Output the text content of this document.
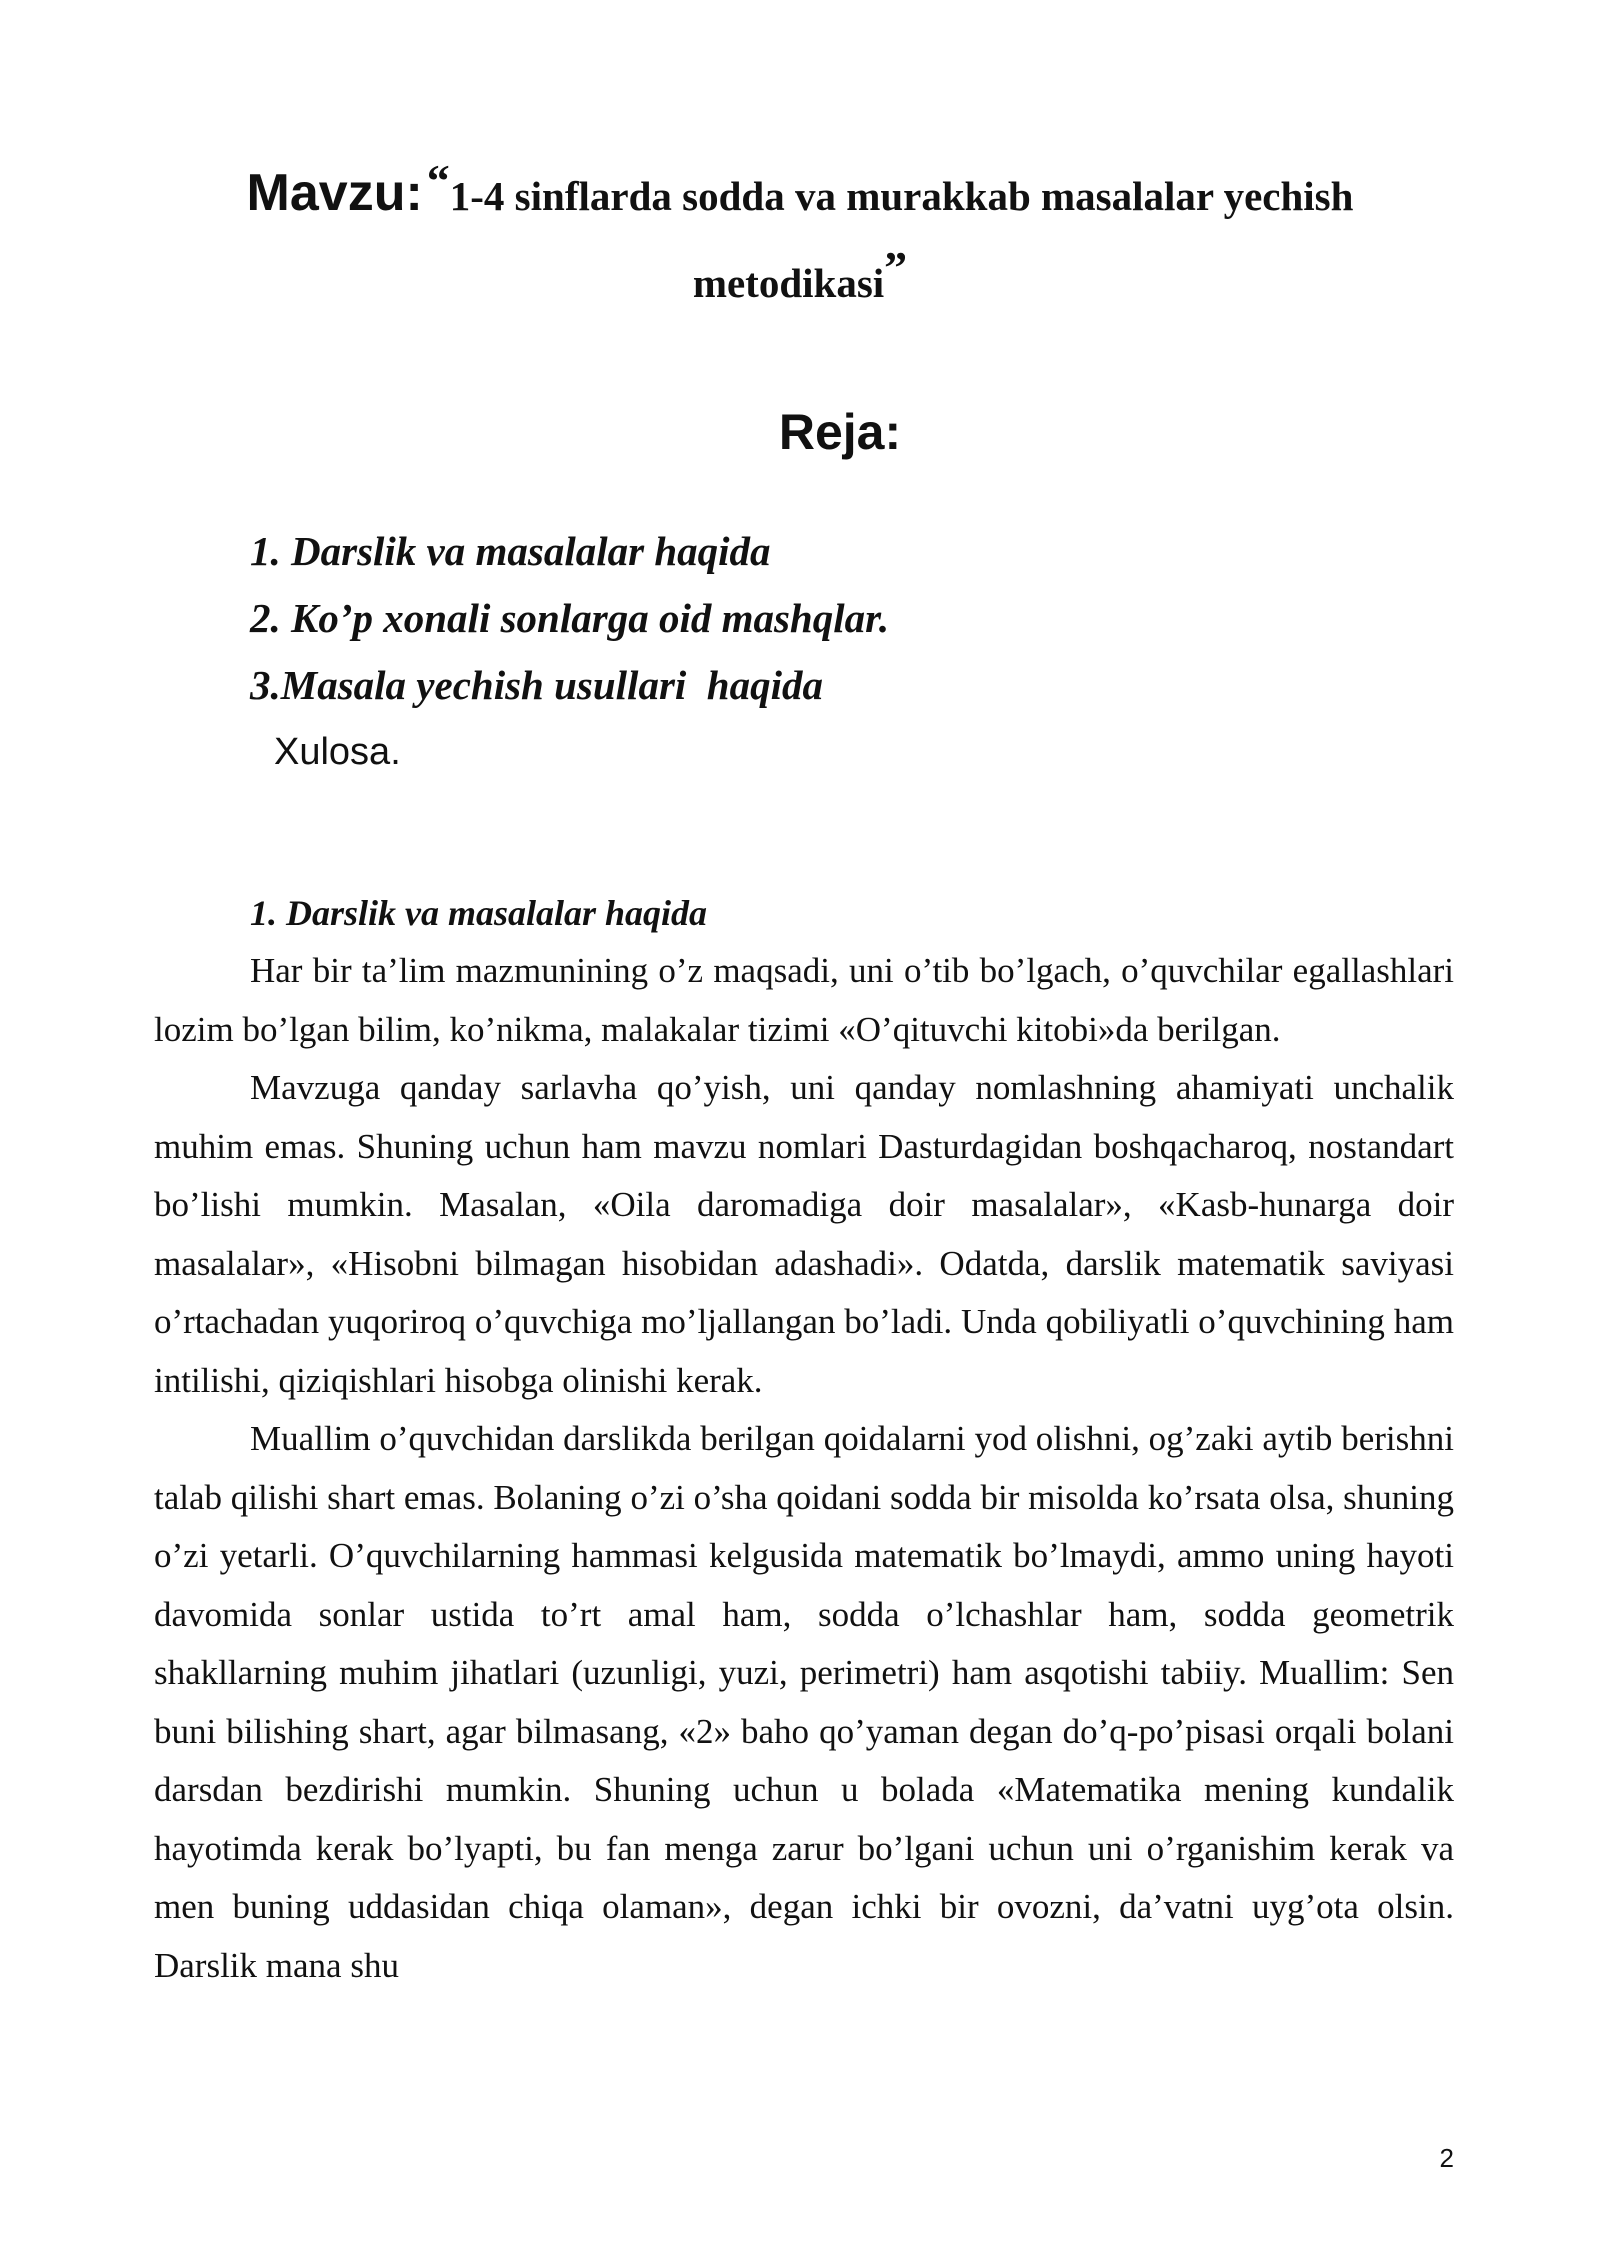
Mavzu: “1-4 sinflarda sodda va murakkab masalalar yechish metodikasi”
Reja:
1. Darslik va masalalar haqida
2. Ko’p xonali sonlarga oid mashqlar.
3.Masala yechish usullari  haqida
Xulosa.
1. Darslik va masalalar haqida

Har bir ta’lim mazmunining o’z maqsadi, uni o’tib bo’lgach, o’quvchilar egallashlari lozim bo’lgan bilim, ko’nikma, malakalar tizimi «O’qituvchi kitobi»da berilgan.

Mavzuga qanday sarlavha qo’yish, uni qanday nomlashning ahamiyati unchalik muhim emas. Shuning uchun ham mavzu nomlari Dasturdagidan boshqacharoq, nostandart bo’lishi mumkin. Masalan, «Oila daromadiga doir masalalar», «Kasb-hunarga doir masalalar», «Hisobni bilmagan hisobidan adashadi». Odatda, darslik matematik saviyasi o’rtachadan yuqoriroq o’quvchiga mo’ljallangan bo’ladi. Unda qobiliyatli o’quvchining ham intilishi, qiziqishlari hisobga olinishi kerak.

Muallim o’quvchidan darslikda berilgan qoidalarni yod olishni, og’zaki aytib berishni talab qilishi shart emas. Bolaning o’zi o’sha qoidani sodda bir misolda ko’rsata olsa, shuning o’zi yetarli. O’quvchilarning hammasi kelgusida matematik bo’lmaydi, ammo uning hayoti davomida sonlar ustida to’rt amal ham, sodda o’lchashlar ham, sodda geometrik shakllarning muhim jihatlari (uzunligi, yuzi, perimetri) ham asqotishi tabiiy. Muallim: Sen buni bilishing shart, agar bilmasang, «2» baho qo’yaman degan do’q-po’pisasi orqali bolani darsdan bezdirishi mumkin. Shuning uchun u bolada «Matematika mening kundalik hayotimda kerak bo’lyapti, bu fan menga zarur bo’lgani uchun uni o’rganishim kerak va men buning uddasidan chiqa olaman», degan ichki bir ovozni, da’vatni uyg’ota olsin. Darslik mana shu

2
